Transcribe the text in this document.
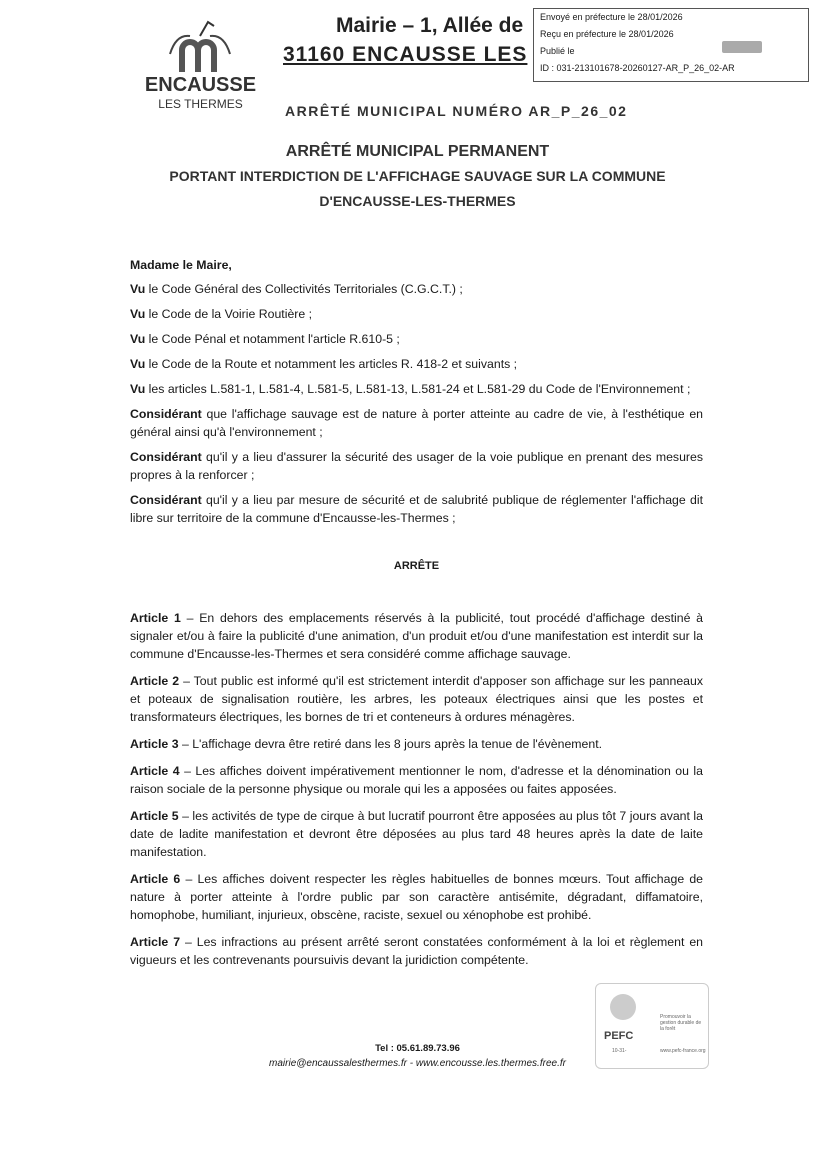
ENCAUSSE
LES THERMES
Mairie – 1, Allée de
31160 ENCAUSSE LES
Envoyé en préfecture le 28/01/2026
Reçu en préfecture le 28/01/2026
Publié le
ID : 031-213101678-20260127-AR_P_26_02-AR
ARRÊTÉ MUNICIPAL NUMÉRO AR_P_26_02
ARRÊTÉ MUNICIPAL PERMANENT
PORTANT INTERDICTION DE L'AFFICHAGE SAUVAGE SUR LA COMMUNE
D'ENCAUSSE-LES-THERMES
Madame le Maire,
Vu le Code Général des Collectivités Territoriales (C.G.C.T.) ;
Vu le Code de la Voirie Routière ;
Vu le Code Pénal et notamment l'article R.610-5 ;
Vu le Code de la Route et notamment les articles R. 418-2 et suivants ;
Vu les articles L.581-1, L.581-4, L.581-5, L.581-13, L.581-24 et L.581-29 du Code de l'Environnement ;
Considérant que l'affichage sauvage est de nature à porter atteinte au cadre de vie, à l'esthétique en général ainsi qu'à l'environnement ;
Considérant qu'il y a lieu d'assurer la sécurité des usager de la voie publique en prenant des mesures propres à la renforcer ;
Considérant qu'il y a lieu par mesure de sécurité et de salubrité publique de réglementer l'affichage dit libre sur territoire de la commune d'Encausse-les-Thermes ;
ARRÊTE
Article 1 – En dehors des emplacements réservés à la publicité, tout procédé d'affichage destiné à signaler et/ou à faire la publicité d'une animation, d'un produit et/ou d'une manifestation est interdit sur la commune d'Encausse-les-Thermes et sera considéré comme affichage sauvage.
Article 2 – Tout public est informé qu'il est strictement interdit d'apposer son affichage sur les panneaux et poteaux de signalisation routière, les arbres, les poteaux électriques ainsi que les postes et transformateurs électriques, les bornes de tri et conteneurs à ordures ménagères.
Article 3 – L'affichage devra être retiré dans les 8 jours après la tenue de l'évènement.
Article 4 – Les affiches doivent impérativement mentionner le nom, d'adresse et la dénomination ou la raison sociale de la personne physique ou morale qui les a apposées ou faites apposées.
Article 5 – les activités de type de cirque à but lucratif pourront être apposées au plus tôt 7 jours avant la date de ladite manifestation et devront être déposées au plus tard 48 heures après la date de laite manifestation.
Article 6 – Les affiches doivent respecter les règles habituelles de bonnes mœurs. Tout affichage de nature à porter atteinte à l'ordre public par son caractère antisémite, dégradant, diffamatoire, homophobe, humiliant, injurieux, obscène, raciste, sexuel ou xénophobe est prohibé.
Article 7 – Les infractions au présent arrêté seront constatées conformément à la loi et règlement en vigueurs et les contrevenants poursuivis devant la juridiction compétente.
Tel : 05.61.89.73.96
mairie@encaussalesthermes.fr - www.encousse.les.thermes.free.fr
PEFC
10-31-
Promouvoir la gestion durable de la forêt
www.pefc-france.org
